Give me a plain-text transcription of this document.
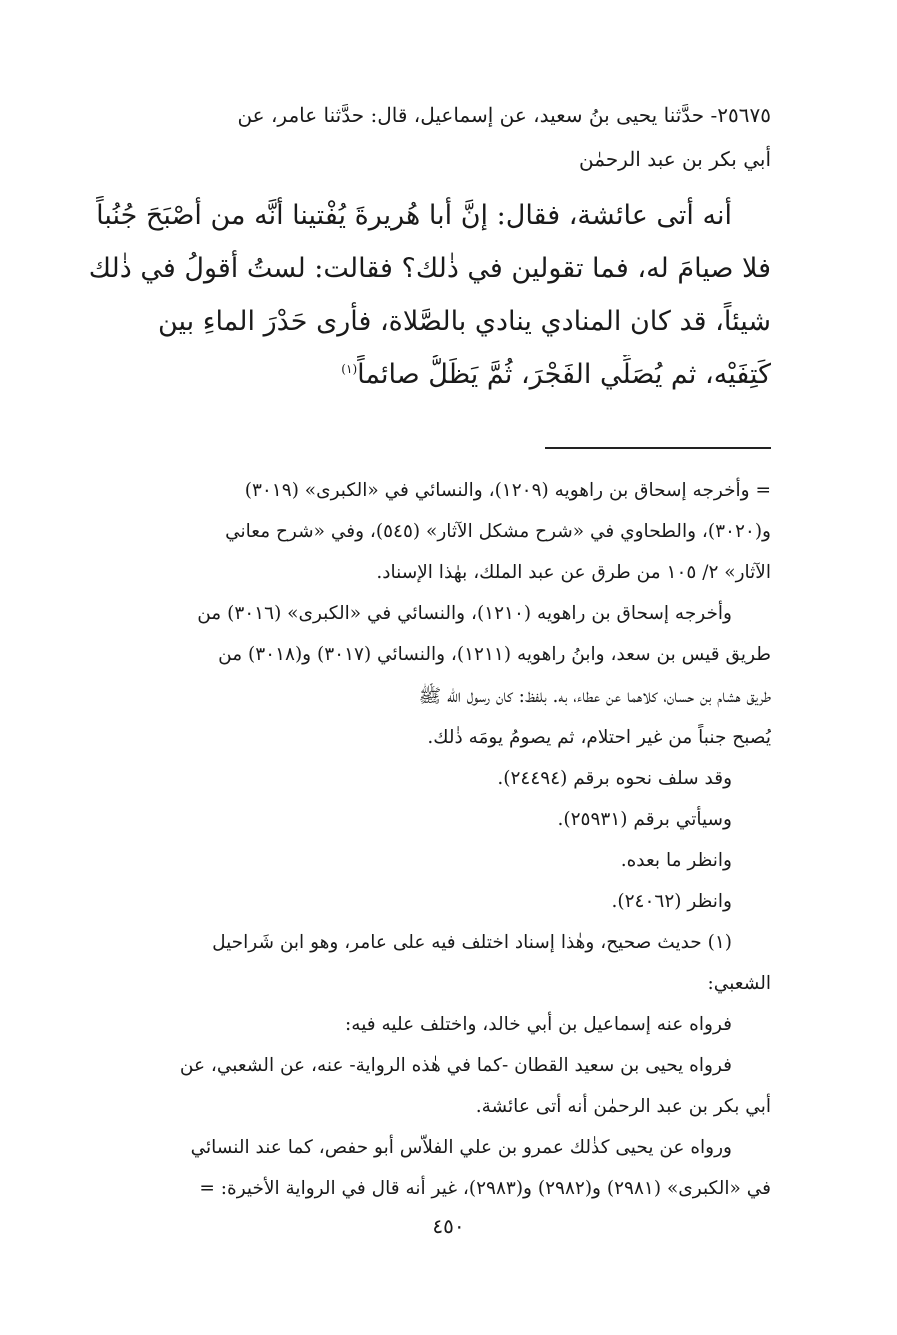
٢٥٦٧٥- حدَّثنا يحيى بنُ سعيد، عن إسماعيل، قال: حدَّثنا عامر، عن
أبي بكر بن عبد الرحمٰن
أنه أتى عائشة، فقال: إنَّ أبا هُريرةَ يُفْتينا أنَّه من أَصْبَحَ جُنُباً
فلا صيامَ له، فما تقولين في ذٰلك؟ فقالت: لستُ أقولُ في ذٰلك
شيئاً، قد كان المنادي ينادي بالصَّلاة، فأرى حَدْرَ الماءِ بين
كَتِفَيْه، ثم يُصَلِّي الفَجْرَ، ثُمَّ يَظَلُّ صائماً$^{(١)}$
= وأخرجه إسحاق بن راهويه (١٢٠٩)، والنسائي في «الكبرى» (٣٠١٩)
و(٣٠٢٠)، والطحاوي في «شرح مشكل الآثار» (٥٤٥)، وفي «شرح معاني
الآثار» ٢/ ١٠٥ من طرق عن عبد الملك، بهٰذا الإسناد.
وأخرجه إسحاق بن راهويه (١٢١٠)، والنسائي في «الكبرى» (٣٠١٦) من
طريق قيس بن سعد، وابنُ راهويه (١٢١١)، والنسائي (٣٠١٧) و(٣٠١٨) من
طريق هشام بن حسان، كلاهما عن عطاء، به. بلفظ: كان رسول الله ﷺ
يُصبح جنباً من غير احتلام، ثم يصومُ يومَه ذٰلك.
وقد سلف نحوه برقم (٢٤٤٩٤).
وسيأتي برقم (٢٥٩٣١).
وانظر ما بعده.
وانظر (٢٤٠٦٢).
(١) حديث صحيح، وهٰذا إسناد اختلف فيه على عامر، وهو ابن شَراحيل
الشعبي:
فرواه عنه إسماعيل بن أبي خالد، واختلف عليه فيه:
فرواه يحيى بن سعيد القطان -كما في هٰذه الرواية- عنه، عن الشعبي، عن
أبي بكر بن عبد الرحمٰن أنه أتى عائشة.
ورواه عن يحيى كذٰلك عمرو بن علي الفلاَّس أبو حفص، كما عند النسائي
في «الكبرى» (٢٩٨١) و(٢٩٨٢) و(٢٩٨٣)، غير أنه قال في الرواية الأخيرة: =
٤٥٠
